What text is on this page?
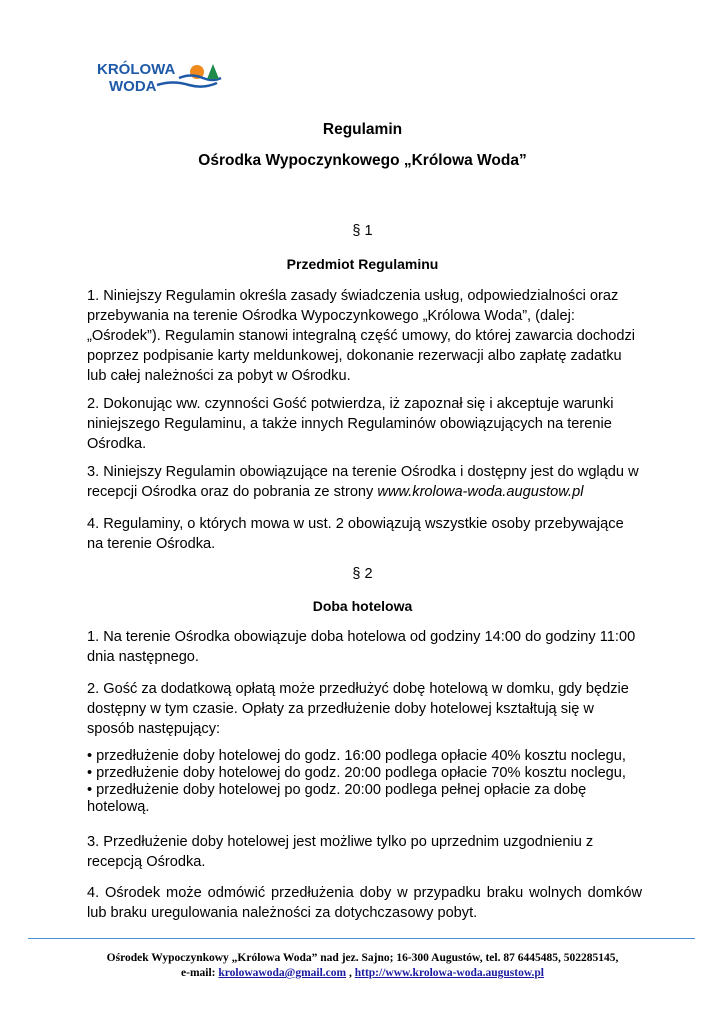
KRÓLOWA
WODA
Regulamin
Ośrodka Wypoczynkowego „Królowa Woda”
§ 1
Przedmiot Regulaminu

1. Niniejszy Regulamin określa zasady świadczenia usług, odpowiedzialności oraz przebywania na terenie Ośrodka Wypoczynkowego „Królowa Woda”, (dalej: „Ośrodek”). Regulamin stanowi integralną część umowy, do której zawarcia dochodzi poprzez podpisanie karty meldunkowej, dokonanie rezerwacji albo zapłatę zadatku lub całej należności za pobyt w Ośrodku.

2. Dokonując ww. czynności Gość potwierdza, iż zapoznał się i akceptuje warunki niniejszego Regulaminu, a także innych Regulaminów obowiązujących na terenie Ośrodka.

3. Niniejszy Regulamin obowiązujące na terenie Ośrodka i dostępny jest do wglądu w recepcji Ośrodka oraz do pobrania ze strony www.krolowa-woda.augustow.pl

4. Regulaminy, o których mowa w ust. 2 obowiązują wszystkie osoby przebywające na terenie Ośrodka.

§ 2
Doba hotelowa

1. Na terenie Ośrodka obowiązuje doba hotelowa od godziny 14:00 do godziny 11:00 dnia następnego.

2. Gość za dodatkową opłatą może przedłużyć dobę hotelową w domku, gdy będzie dostępny w tym czasie. Opłaty za przedłużenie doby hotelowej kształtują się w sposób następujący:

• przedłużenie doby hotelowej do godz. 16:00 podlega opłacie 40% kosztu noclegu,
• przedłużenie doby hotelowej do godz. 20:00 podlega opłacie 70% kosztu noclegu,
• przedłużenie doby hotelowej po godz. 20:00 podlega pełnej opłacie za dobę hotelową.

3. Przedłużenie doby hotelowej jest możliwe tylko po uprzednim uzgodnieniu z recepcją Ośrodka.

4. Ośrodek może odmówić przedłużenia doby w przypadku braku wolnych domków lub braku uregulowania należności za dotychczasowy pobyt.

Ośrodek Wypoczynkowy „Królowa Woda” nad jez. Sajno; 16-300 Augustów, tel. 87 6445485, 502285145,
e-mail: krolowawoda@gmail.com , http://www.krolowa-woda.augustow.pl
